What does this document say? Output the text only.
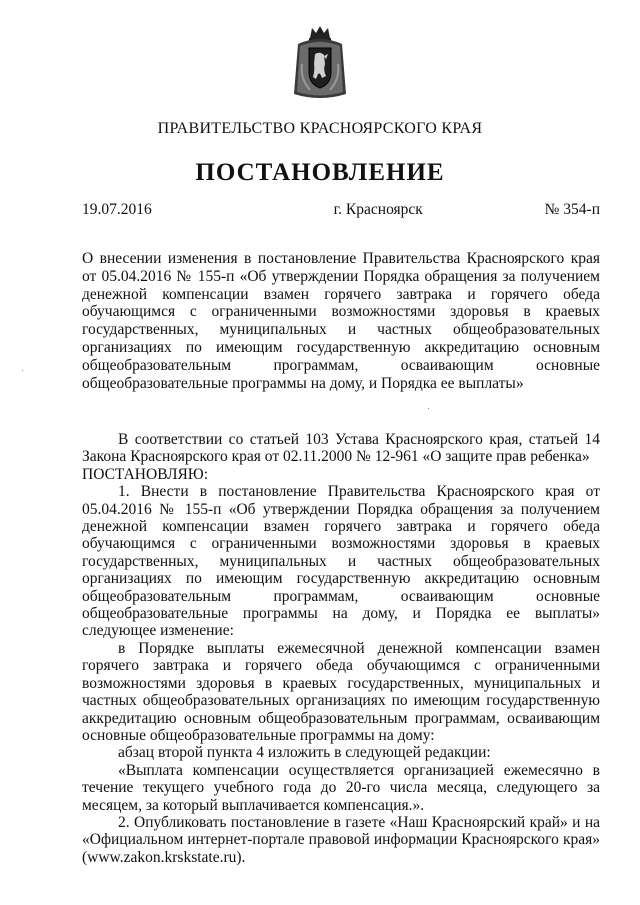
ПРАВИТЕЛЬСТВО КРАСНОЯРСКОГО КРАЯ
ПОСТАНОВЛЕНИЕ
19.07.2016	г. Красноярск	№ 354-п

О внесении изменения в постановление Правительства Красноярского края от 05.04.2016 № 155-п «Об утверждении Порядка обращения за получением денежной компенсации взамен горячего завтрака и горячего обеда обучающимся с ограниченными возможностями здоровья в краевых государственных, муниципальных и частных общеобразовательных организациях по имеющим государственную аккредитацию основным общеобразовательным программам, осваивающим основные общеобразовательные программы на дому, и Порядка ее выплаты»

В соответствии со статьей 103 Устава Красноярского края, статьей 14 Закона Красноярского края от 02.11.2000 № 12-961 «О защите прав ребенка»

ПОСТАНОВЛЯЮ:

1. Внести в постановление Правительства Красноярского края от 05.04.2016 № 155-п «Об утверждении Порядка обращения за получением денежной компенсации взамен горячего завтрака и горячего обеда обучающимся с ограниченными возможностями здоровья в краевых государственных, муниципальных и частных общеобразовательных организациях по имеющим государственную аккредитацию основным общеобразовательным программам, осваивающим основные общеобразовательные программы на дому, и Порядка ее выплаты» следующее изменение:

в Порядке выплаты ежемесячной денежной компенсации взамен горячего завтрака и горячего обеда обучающимся с ограниченными возможностями здоровья в краевых государственных, муниципальных и частных общеобразовательных организациях по имеющим государственную аккредитацию основным общеобразовательным программам, осваивающим основные общеобразовательные программы на дому:

абзац второй пункта 4 изложить в следующей редакции:

«Выплата компенсации осуществляется организацией ежемесячно в течение текущего учебного года до 20-го числа месяца, следующего за месяцем, за который выплачивается компенсация.».

2. Опубликовать постановление в газете «Наш Красноярский край» и на «Официальном интернет-портале правовой информации Красноярского края» (www.zakon.krskstate.ru).
